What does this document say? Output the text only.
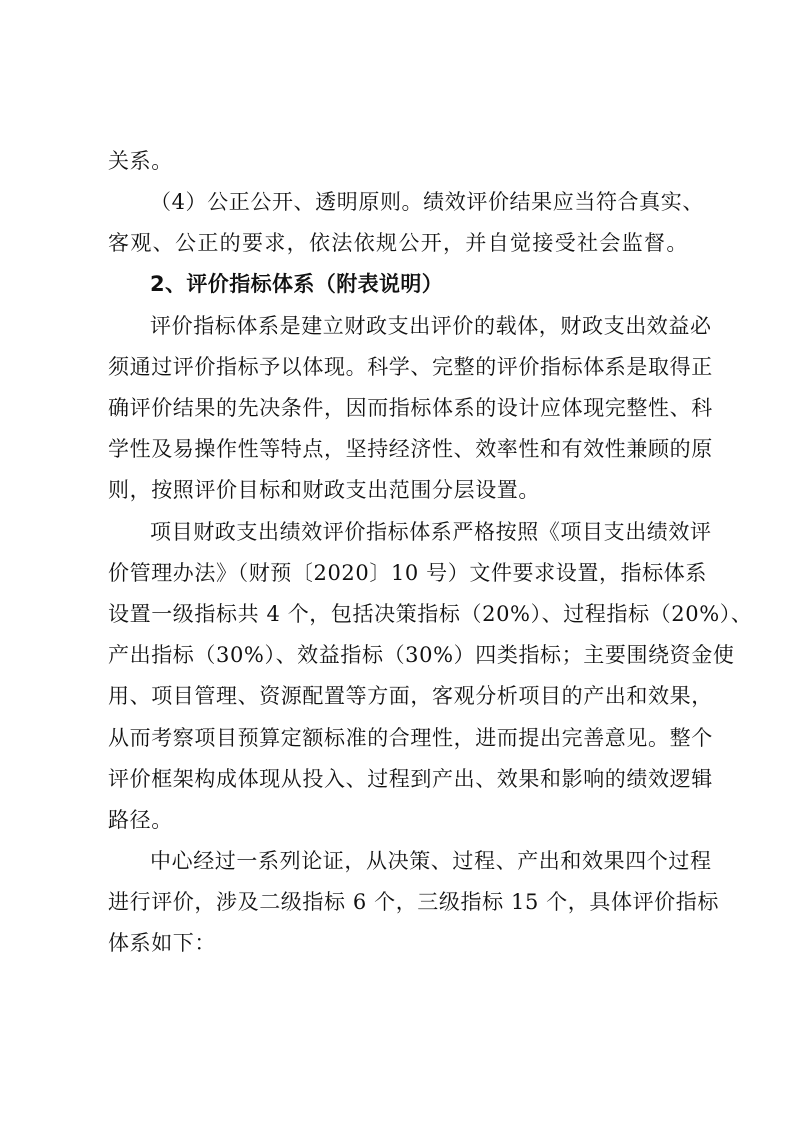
关系。
（4）公正公开、透明原则。绩效评价结果应当符合真实、
客观、公正的要求，依法依规公开，并自觉接受社会监督。
2、评价指标体系（附表说明）
评价指标体系是建立财政支出评价的载体，财政支出效益必
须通过评价指标予以体现。科学、完整的评价指标体系是取得正
确评价结果的先决条件，因而指标体系的设计应体现完整性、科
学性及易操作性等特点，坚持经济性、效率性和有效性兼顾的原
则，按照评价目标和财政支出范围分层设置。
项目财政支出绩效评价指标体系严格按照《项目支出绩效评
价管理办法》（财预〔2020〕10 号）文件要求设置，指标体系
设置一级指标共 4 个，包括决策指标（20%）、过程指标（20%）、
产出指标（30%）、效益指标（30%）四类指标；主要围绕资金使
用、项目管理、资源配置等方面，客观分析项目的产出和效果，
从而考察项目预算定额标准的合理性，进而提出完善意见。整个
评价框架构成体现从投入、过程到产出、效果和影响的绩效逻辑
路径。
中心经过一系列论证，从决策、过程、产出和效果四个过程
进行评价，涉及二级指标 6 个，三级指标 15 个，具体评价指标
体系如下：
